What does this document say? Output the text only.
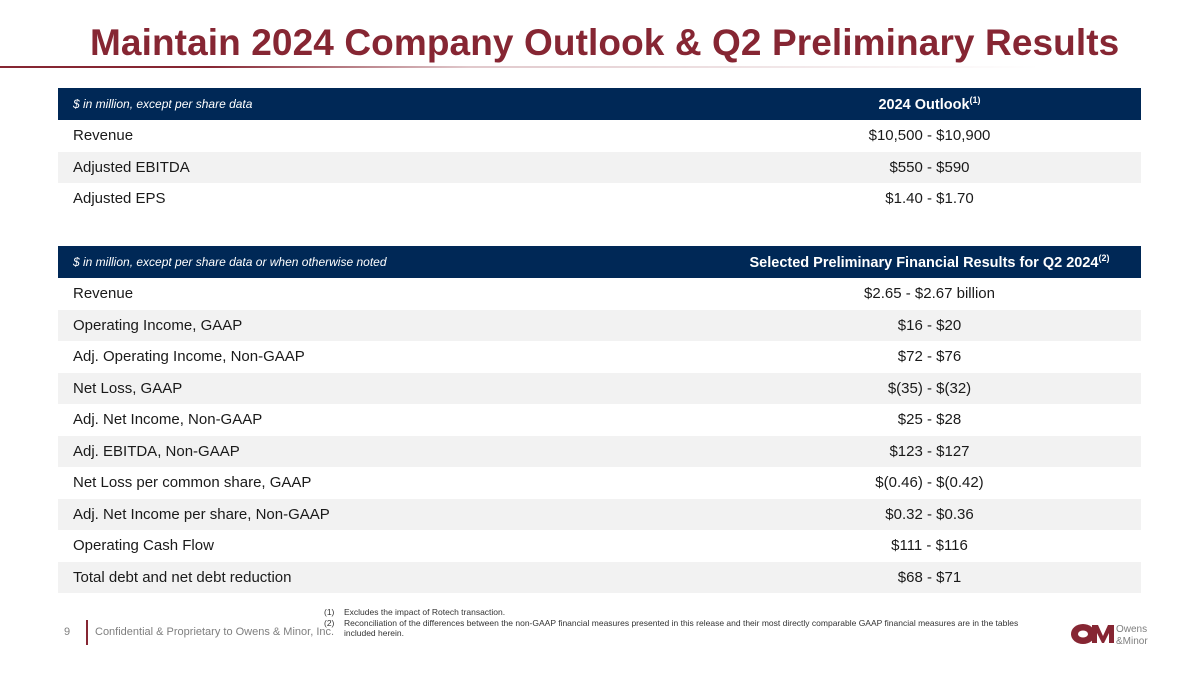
Maintain 2024 Company Outlook & Q2 Preliminary Results
$ in million, except per share data	2024 Outlook$^{(1)}$
Revenue	$10,500 - $10,900
Adjusted EBITDA	$550 - $590
Adjusted EPS	$1.40 - $1.70
$ in million, except per share data or when otherwise noted	Selected Preliminary Financial Results for Q2 2024$^{(2)}$
Revenue	$2.65 - $2.67 billion
Operating Income, GAAP	$16 - $20
Adj. Operating Income, Non-GAAP	$72 - $76
Net Loss, GAAP	$(35) - $(32)
Adj. Net Income, Non-GAAP	$25 - $28
Adj. EBITDA, Non-GAAP	$123 - $127
Net Loss per common share, GAAP	$(0.46) - $(0.42)
Adj. Net Income per share, Non-GAAP	$0.32 - $0.36
Operating Cash Flow	$111 - $116
Total debt and net debt reduction	$68 - $71
(1)	Excludes the impact of Rotech transaction.
(2)	Reconciliation of the differences between the non-GAAP financial measures presented in this release and their most directly comparable GAAP financial measures are in the tables included herein.
9 Confidential & Proprietary to Owens & Minor, Inc.	Owens
&Minor
